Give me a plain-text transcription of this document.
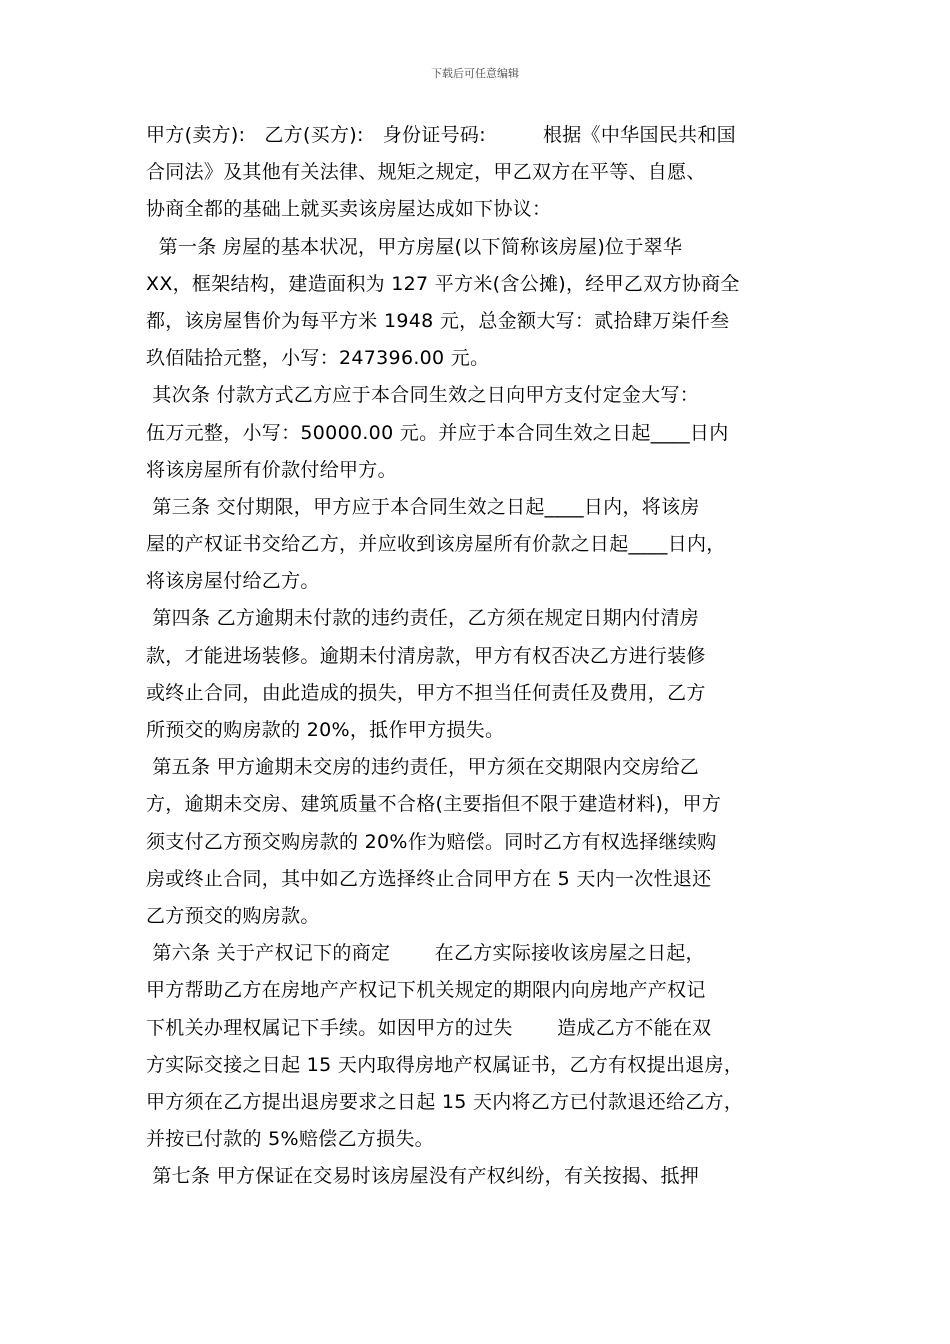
下载后可任意编辑
甲方(卖方):   乙方(买方):   身份证号码:         根据《中华国民共和国
合同法》及其他有关法律、规矩之规定，甲乙双方在平等、自愿、
协商全都的基础上就买卖该房屋达成如下协议：
第一条 房屋的基本状况，甲方房屋(以下简称该房屋)位于翠华
XX，框架结构，建造面积为 127 平方米(含公摊)，经甲乙双方协商全
都，该房屋售价为每平方米 1948 元，总金额大写：贰拾肆万柒仟叁
玖佰陆拾元整，小写：247396.00 元。
其次条 付款方式乙方应于本合同生效之日向甲方支付定金大写：
伍万元整，小写：50000.00 元。并应于本合同生效之日起____日内
将该房屋所有价款付给甲方。
第三条 交付期限，甲方应于本合同生效之日起____日内，将该房
屋的产权证书交给乙方，并应收到该房屋所有价款之日起____日内，
将该房屋付给乙方。
第四条 乙方逾期未付款的违约责任，乙方须在规定日期内付清房
款，才能进场装修。逾期未付清房款，甲方有权否决乙方进行装修
或终止合同，由此造成的损失，甲方不担当任何责任及费用，乙方
所预交的购房款的 20%，抵作甲方损失。
第五条 甲方逾期未交房的违约责任，甲方须在交期限内交房给乙
方，逾期未交房、建筑质量不合格(主要指但不限于建造材料)，甲方
须支付乙方预交购房款的 20%作为赔偿。同时乙方有权选择继续购
房或终止合同，其中如乙方选择终止合同甲方在 5 天内一次性退还
乙方预交的购房款。
第六条 关于产权记下的商定       在乙方实际接收该房屋之日起，
甲方帮助乙方在房地产产权记下机关规定的期限内向房地产产权记
下机关办理权属记下手续。如因甲方的过失       造成乙方不能在双
方实际交接之日起 15 天内取得房地产权属证书，乙方有权提出退房，
甲方须在乙方提出退房要求之日起 15 天内将乙方已付款退还给乙方，
并按已付款的 5%赔偿乙方损失。
第七条 甲方保证在交易时该房屋没有产权纠纷，有关按揭、抵押
